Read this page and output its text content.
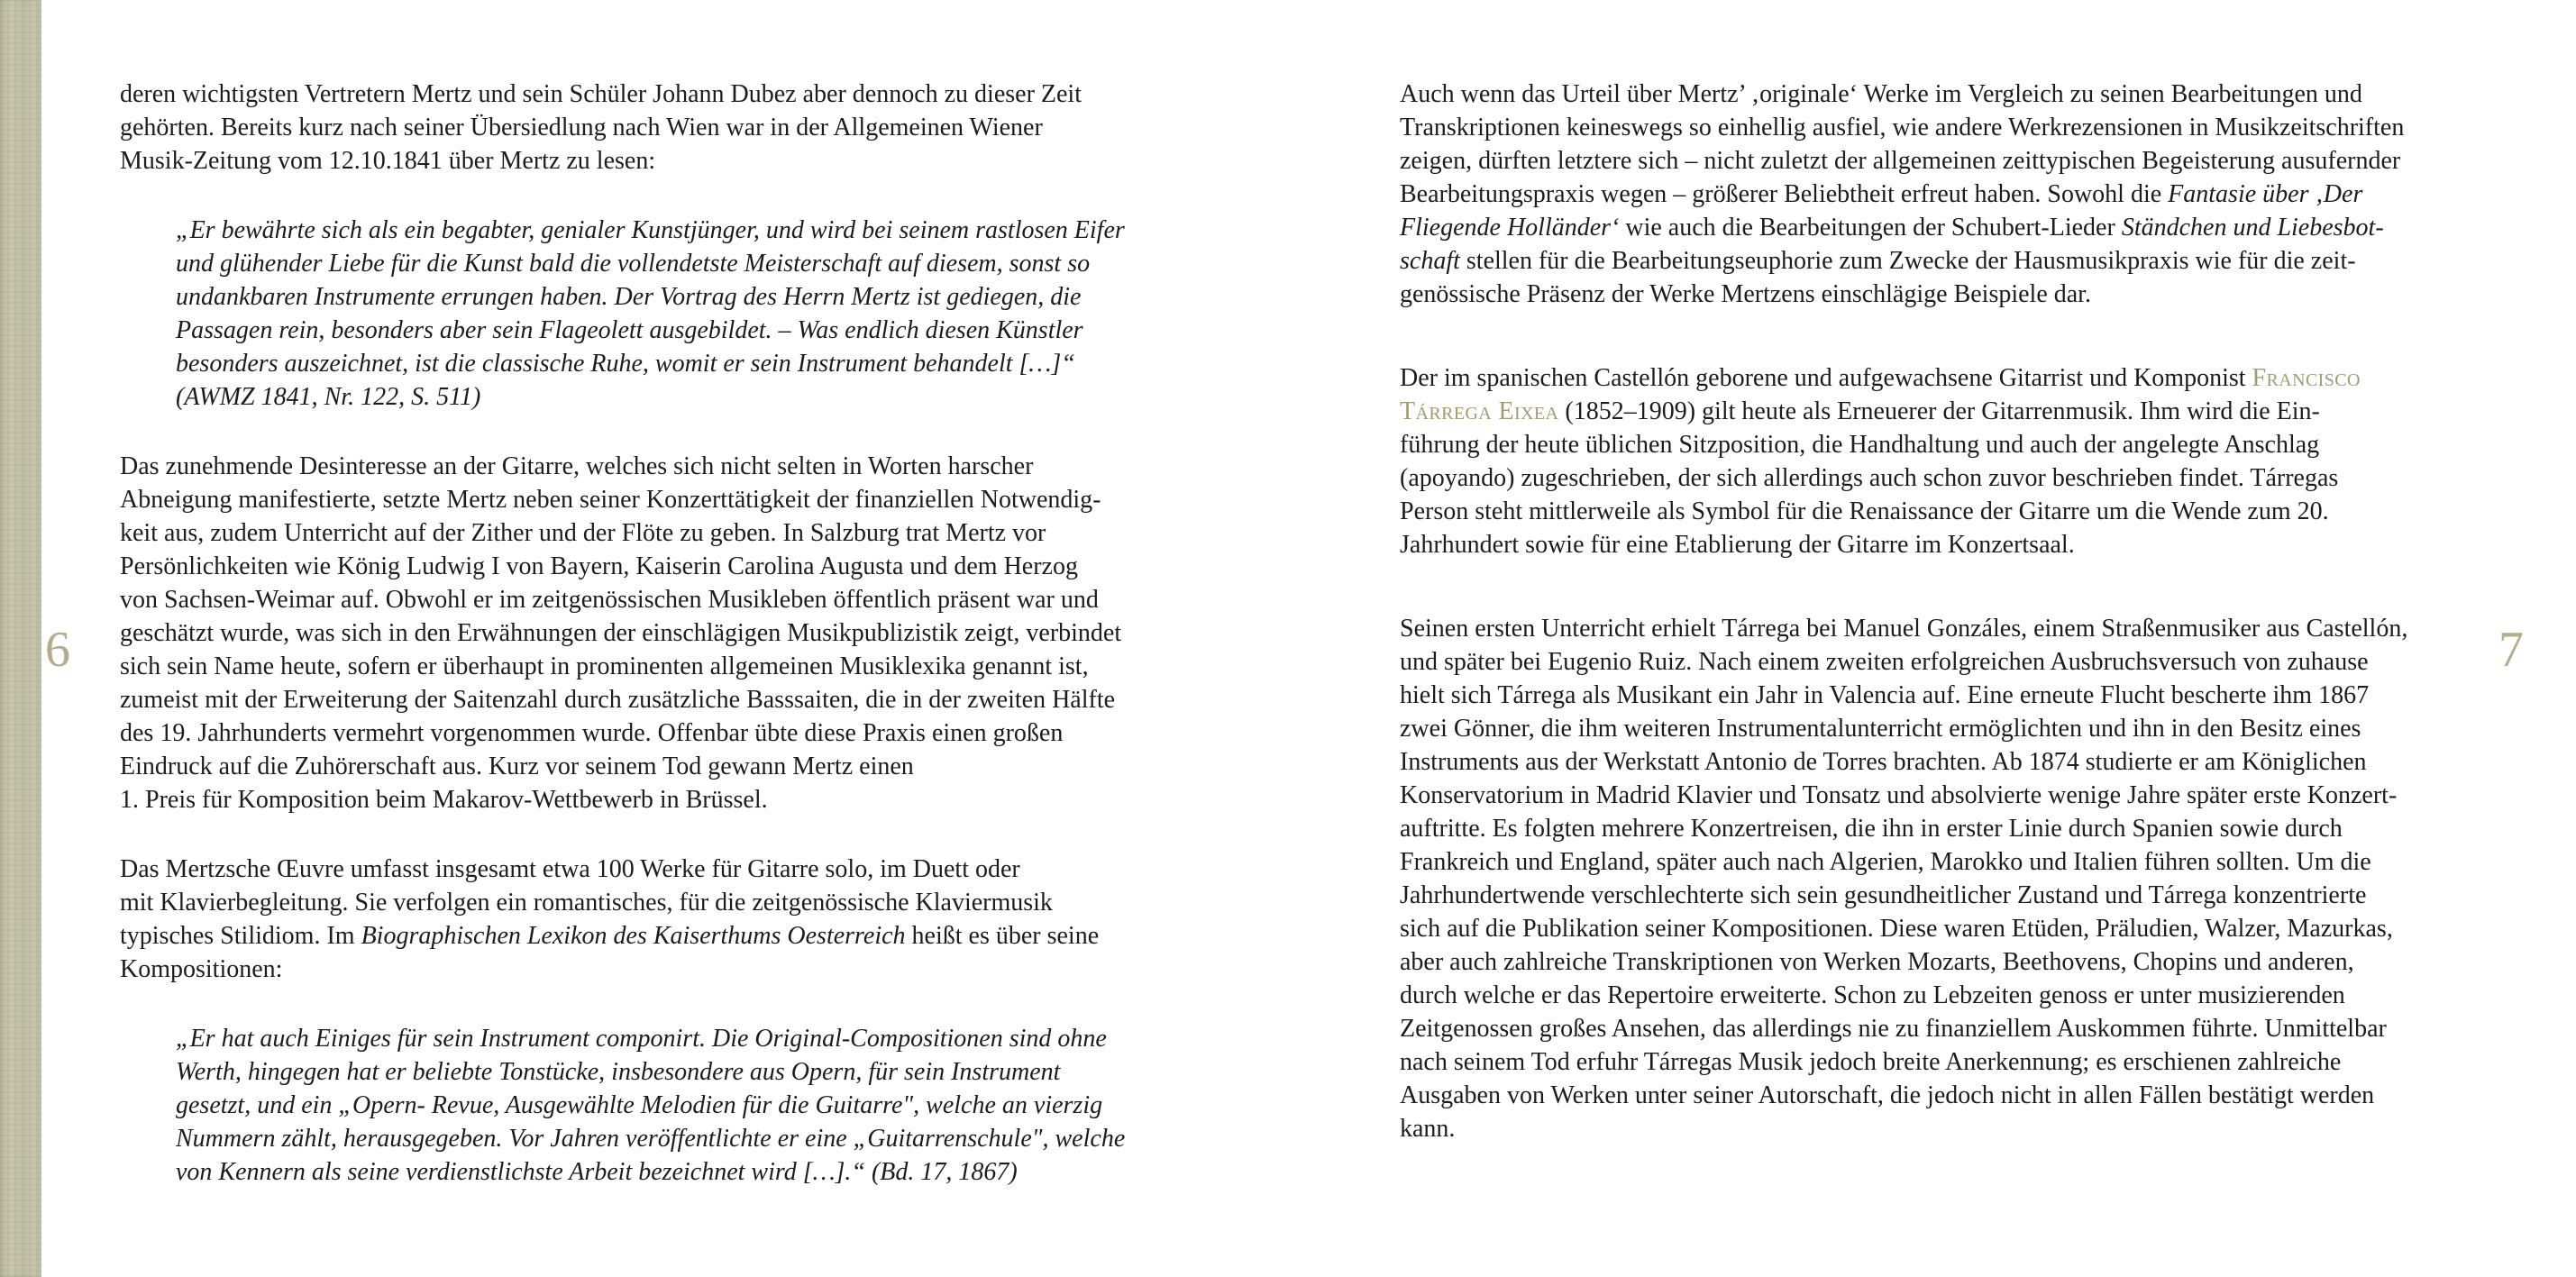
6
deren wichtigsten Vertretern Mertz und sein Schüler Johann Dubez aber dennoch zu dieser Zeit
gehörten. Bereits kurz nach seiner Übersiedlung nach Wien war in der Allgemeinen Wiener
Musik-Zeitung vom 12.10.1841 über Mertz zu lesen:
„Er bewährte sich als ein begabter, genialer Kunstjünger, und wird bei seinem rastlosen Eifer
und glühender Liebe für die Kunst bald die vollendetste Meisterschaft auf diesem, sonst so
undankbaren Instrumente errungen haben. Der Vortrag des Herrn Mertz ist gediegen, die
Passagen rein, besonders aber sein Flageolett ausgebildet. – Was endlich diesen Künstler
besonders auszeichnet, ist die classische Ruhe, womit er sein Instrument behandelt […]“
(AWMZ 1841, Nr. 122, S. 511)
Das zunehmende Desinteresse an der Gitarre, welches sich nicht selten in Worten harscher
Abneigung manifestierte, setzte Mertz neben seiner Konzerttätigkeit der finanziellen Notwendig-
keit aus, zudem Unterricht auf der Zither und der Flöte zu geben. In Salzburg trat Mertz vor
Persönlichkeiten wie König Ludwig I von Bayern, Kaiserin Carolina Augusta und dem Herzog
von Sachsen-Weimar auf. Obwohl er im zeitgenössischen Musikleben öffentlich präsent war und
geschätzt wurde, was sich in den Erwähnungen der einschlägigen Musikpublizistik zeigt, verbindet
sich sein Name heute, sofern er überhaupt in prominenten allgemeinen Musiklexika genannt ist,
zumeist mit der Erweiterung der Saitenzahl durch zusätzliche Basssaiten, die in der zweiten Hälfte
des 19. Jahrhunderts vermehrt vorgenommen wurde. Offenbar übte diese Praxis einen großen
Eindruck auf die Zuhörerschaft aus. Kurz vor seinem Tod gewann Mertz einen
1. Preis für Komposition beim Makarov-Wettbewerb in Brüssel.
Das Mertzsche Œuvre umfasst insgesamt etwa 100 Werke für Gitarre solo, im Duett oder
mit Klavierbegleitung. Sie verfolgen ein romantisches, für die zeitgenössische Klaviermusik
typisches Stilidiom. Im Biographischen Lexikon des Kaiserthums Oesterreich heißt es über seine
Kompositionen:
„Er hat auch Einiges für sein Instrument componirt. Die Original-Compositionen sind ohne
Werth, hingegen hat er beliebte Tonstücke, insbesondere aus Opern, für sein Instrument
gesetzt, und ein „Opern- Revue, Ausgewählte Melodien für die Guitarre", welche an vierzig
Nummern zählt, herausgegeben. Vor Jahren veröffentlichte er eine „Guitarrenschule", welche
von Kennern als seine verdienstlichste Arbeit bezeichnet wird […].“ (Bd. 17, 1867)
Auch wenn das Urteil über Mertz’ ‚originale‘ Werke im Vergleich zu seinen Bearbeitungen und
Transkriptionen keineswegs so einhellig ausfiel, wie andere Werkrezensionen in Musikzeitschriften
zeigen, dürften letztere sich – nicht zuletzt der allgemeinen zeittypischen Begeisterung ausufernder
Bearbeitungspraxis wegen – größerer Beliebtheit erfreut haben. Sowohl die Fantasie über ‚Der
Fliegende Holländer‘ wie auch die Bearbeitungen der Schubert-Lieder Ständchen und Liebesbot-
schaft stellen für die Bearbeitungseuphorie zum Zwecke der Hausmusikpraxis wie für die zeit-
genössische Präsenz der Werke Mertzens einschlägige Beispiele dar.
Der im spanischen Castellón geborene und aufgewachsene Gitarrist und Komponist Francisco
Tárrega Eixea (1852–1909) gilt heute als Erneuerer der Gitarrenmusik. Ihm wird die Ein-
führung der heute üblichen Sitzposition, die Handhaltung und auch der angelegte Anschlag
(apoyando) zugeschrieben, der sich allerdings auch schon zuvor beschrieben findet. Tárregas
Person steht mittlerweile als Symbol für die Renaissance der Gitarre um die Wende zum 20.
Jahrhundert sowie für eine Etablierung der Gitarre im Konzertsaal.
Seinen ersten Unterricht erhielt Tárrega bei Manuel Gonzáles, einem Straßenmusiker aus Castellón,
und später bei Eugenio Ruiz. Nach einem zweiten erfolgreichen Ausbruchsversuch von zuhause
hielt sich Tárrega als Musikant ein Jahr in Valencia auf. Eine erneute Flucht bescherte ihm 1867
zwei Gönner, die ihm weiteren Instrumentalunterricht ermöglichten und ihn in den Besitz eines
Instruments aus der Werkstatt Antonio de Torres brachten. Ab 1874 studierte er am Königlichen
Konservatorium in Madrid Klavier und Tonsatz und absolvierte wenige Jahre später erste Konzert-
auftritte. Es folgten mehrere Konzertreisen, die ihn in erster Linie durch Spanien sowie durch
Frankreich und England, später auch nach Algerien, Marokko und Italien führen sollten. Um die
Jahrhundertwende verschlechterte sich sein gesundheitlicher Zustand und Tárrega konzentrierte
sich auf die Publikation seiner Kompositionen. Diese waren Etüden, Präludien, Walzer, Mazurkas,
aber auch zahlreiche Transkriptionen von Werken Mozarts, Beethovens, Chopins und anderen,
durch welche er das Repertoire erweiterte. Schon zu Lebzeiten genoss er unter musizierenden
Zeitgenossen großes Ansehen, das allerdings nie zu finanziellem Auskommen führte. Unmittelbar
nach seinem Tod erfuhr Tárregas Musik jedoch breite Anerkennung; es erschienen zahlreiche
Ausgaben von Werken unter seiner Autorschaft, die jedoch nicht in allen Fällen bestätigt werden
kann.
7
